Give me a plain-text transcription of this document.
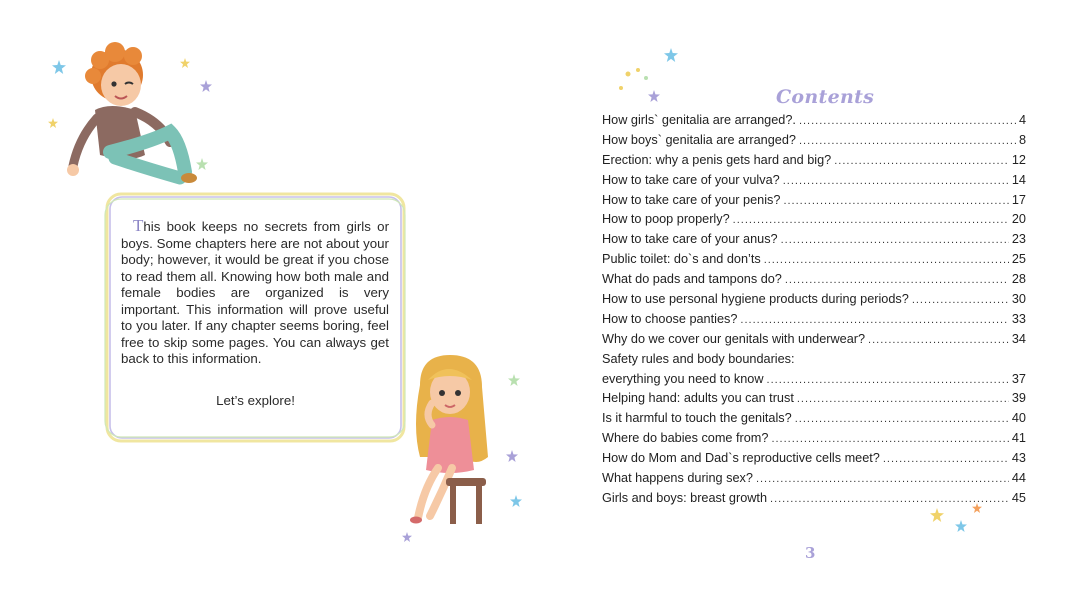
This book keeps no secrets from girls or boys. Some chapters here are not about your body; however, it would be great if you chose to read them all. Knowing how both male and female bodies are organized is very important. This information will prove useful to you later. If any chapter seems boring, feel free to skip some pages. You can always get back to this information.
Let’s explore!
Contents
How girls` genitalia are arranged?. .....	4
How boys` genitalia are arranged? .....	8
Erection: why a penis gets hard and big? .....	12
How to take care of your vulva? .....	14
How to take care of your penis? .....	17
How to poop properly? .....	20
How to take care of your anus? .....	23
Public toilet: do`s and don’ts .....	25
What do pads and tampons do? .....	28
How to use personal hygiene products during periods? .....	30
How to choose panties? .....	33
Why do we cover our genitals with underwear? .....	34
Safety rules and body boundaries:
everything you need to know .....	37
Helping hand: adults you can trust .....	39
Is it harmful to touch the genitals? .....	40
Where do babies come from? .....	41
How do Mom and Dad`s reproductive cells meet? .....	43
What happens during sex? .....	44
Girls and boys: breast growth .....	45
3
